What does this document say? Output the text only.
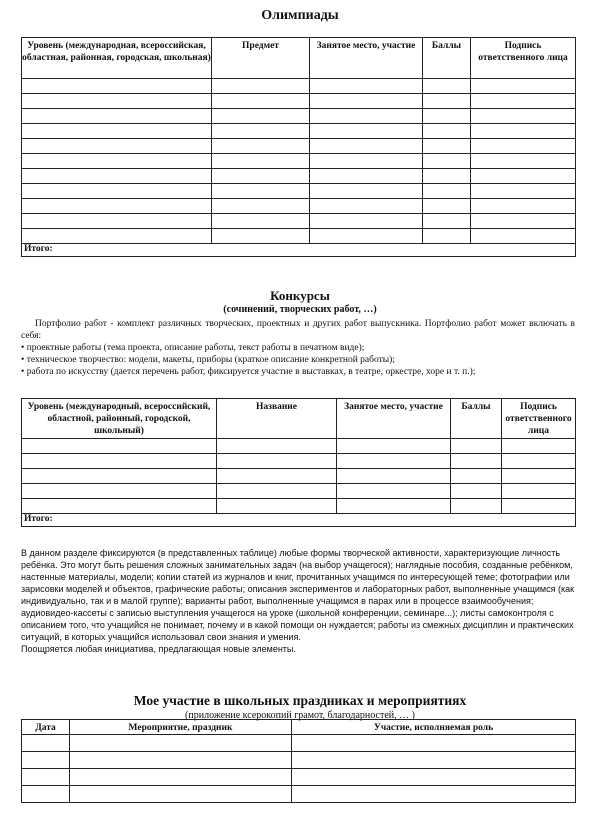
Олимпиады
Уровень (международная, всероссийская, областная, районная, городская, школьная)	Предмет	Занятое место, участие	Баллы	Подпись ответственного лица

Итого:				
Конкурсы
(сочинений, творческих работ, …)

Портфолио работ - комплект различных творческих, проектных и других работ выпускника. Портфолио работ может включать в себя:

• проектные работы (тема проекта, описание работы, текст работы в печатном виде);
• техническое творчество: модели, макеты, приборы (краткое описание конкретной работы);
• работа по искусству (дается перечень работ, фиксируется участие в выставках, в театре, оркестре, хоре и т. п.);
Уровень (международный, всероссийский, областной, районный, городской, школьный)	Название	Занятое место, участие	Баллы	Подпись ответственного лица

Итого:				

В данном разделе фиксируются (в представленных таблице) любые формы творческой активности, характеризующие личность ребёнка. Это могут быть решения сложных занимательных задач (на выбор учащегося); наглядные пособия, созданные ребёнком, настенные материалы, модели; копии статей из журналов и книг, прочитанных учащимся по интересующей теме; фотографии или зарисовки моделей и объектов, графические работы; описания экспериментов и лабораторных работ, выполненные учащимся (как индивидуально, так и в малой группе); варианты работ, выполненные учащимся в парах или в процессе взаимообучения; аудиовидео-кассеты с записью выступления учащегося на уроке (школьной конференции, семинаре...); листы самоконтроля с описанием того, что учащийся не понимает, почему и в какой помощи он нуждается; работы из смежных дисциплин и практических ситуаций, в которых учащийся использовал свои знания и умения.

Поощряется любая инициатива, предлагающая новые элементы.

Мое участие в школьных праздниках и мероприятиях
(приложение ксерокопий грамот, благодарностей, … )
Дата	Мероприятие, праздник	Участие, исполняемая роль
